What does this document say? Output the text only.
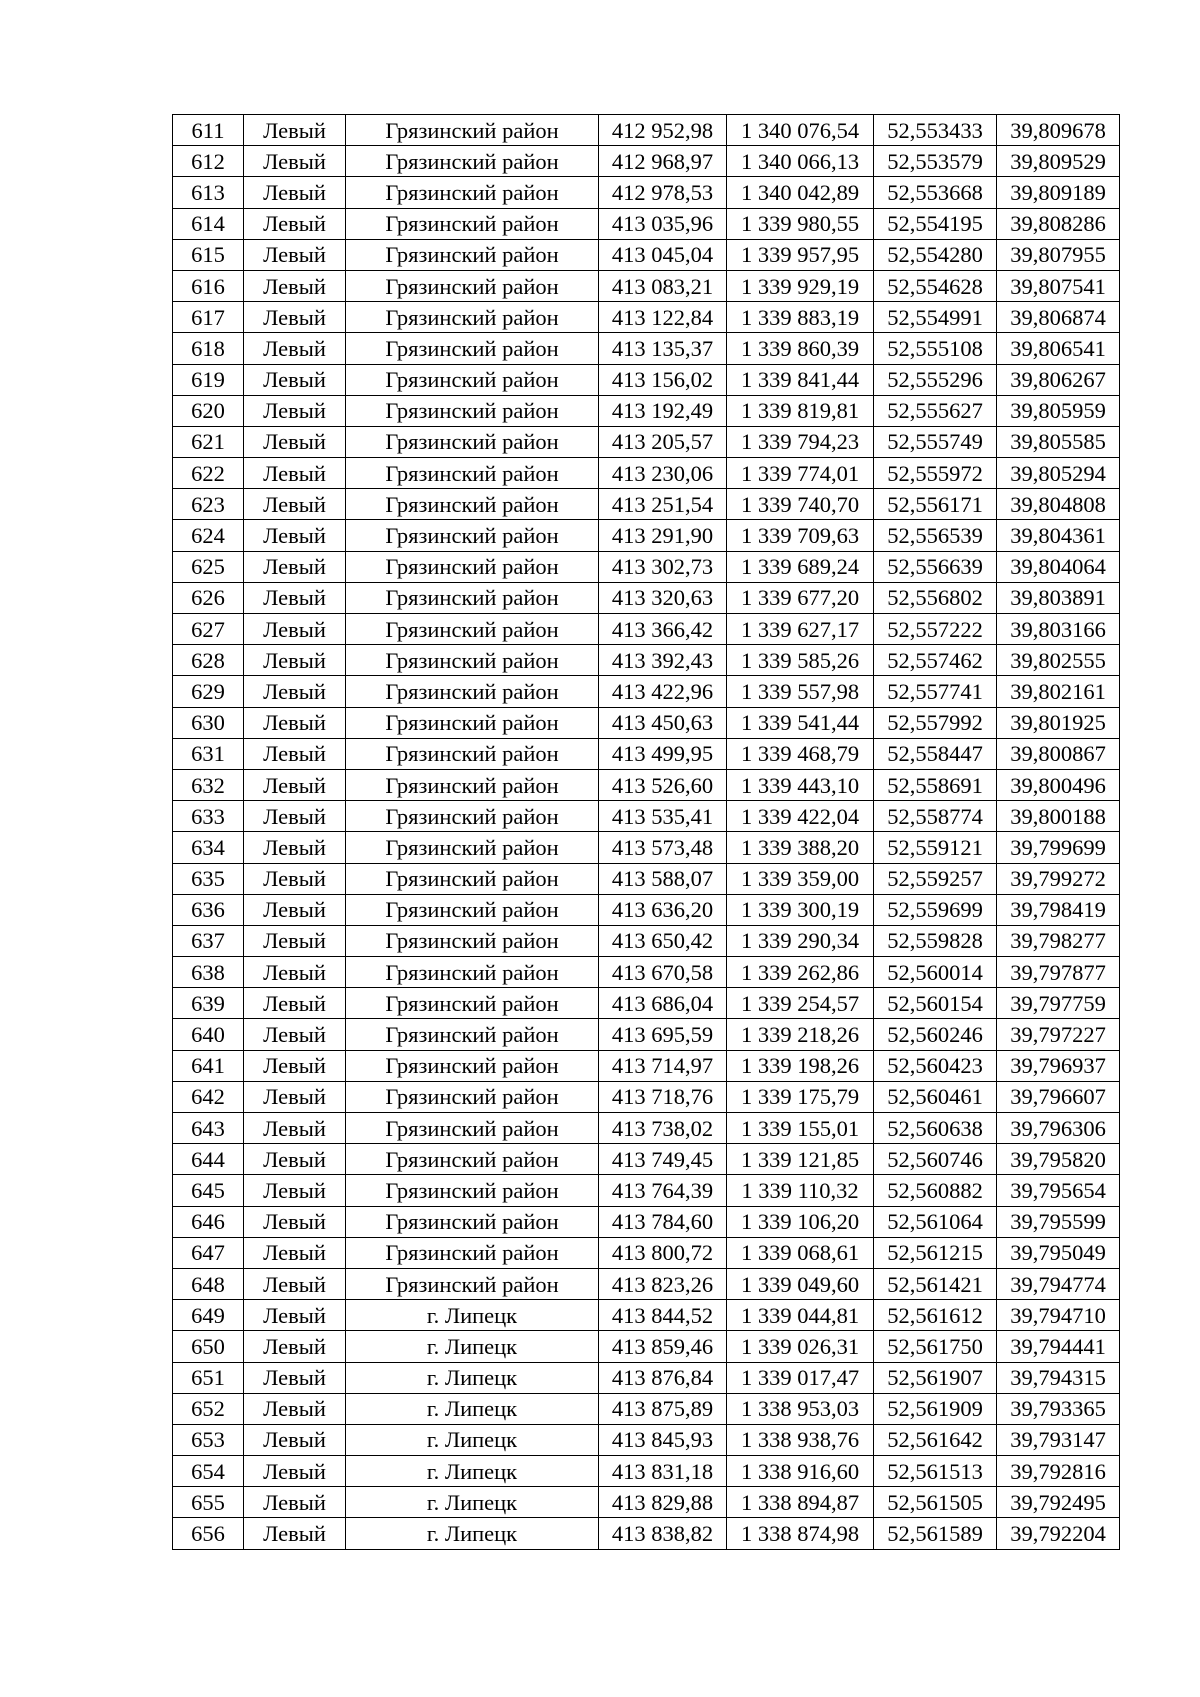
611	Левый	Грязинский район	412 952,98	1 340 076,54	52,553433	39,809678
612	Левый	Грязинский район	412 968,97	1 340 066,13	52,553579	39,809529
613	Левый	Грязинский район	412 978,53	1 340 042,89	52,553668	39,809189
614	Левый	Грязинский район	413 035,96	1 339 980,55	52,554195	39,808286
615	Левый	Грязинский район	413 045,04	1 339 957,95	52,554280	39,807955
616	Левый	Грязинский район	413 083,21	1 339 929,19	52,554628	39,807541
617	Левый	Грязинский район	413 122,84	1 339 883,19	52,554991	39,806874
618	Левый	Грязинский район	413 135,37	1 339 860,39	52,555108	39,806541
619	Левый	Грязинский район	413 156,02	1 339 841,44	52,555296	39,806267
620	Левый	Грязинский район	413 192,49	1 339 819,81	52,555627	39,805959
621	Левый	Грязинский район	413 205,57	1 339 794,23	52,555749	39,805585
622	Левый	Грязинский район	413 230,06	1 339 774,01	52,555972	39,805294
623	Левый	Грязинский район	413 251,54	1 339 740,70	52,556171	39,804808
624	Левый	Грязинский район	413 291,90	1 339 709,63	52,556539	39,804361
625	Левый	Грязинский район	413 302,73	1 339 689,24	52,556639	39,804064
626	Левый	Грязинский район	413 320,63	1 339 677,20	52,556802	39,803891
627	Левый	Грязинский район	413 366,42	1 339 627,17	52,557222	39,803166
628	Левый	Грязинский район	413 392,43	1 339 585,26	52,557462	39,802555
629	Левый	Грязинский район	413 422,96	1 339 557,98	52,557741	39,802161
630	Левый	Грязинский район	413 450,63	1 339 541,44	52,557992	39,801925
631	Левый	Грязинский район	413 499,95	1 339 468,79	52,558447	39,800867
632	Левый	Грязинский район	413 526,60	1 339 443,10	52,558691	39,800496
633	Левый	Грязинский район	413 535,41	1 339 422,04	52,558774	39,800188
634	Левый	Грязинский район	413 573,48	1 339 388,20	52,559121	39,799699
635	Левый	Грязинский район	413 588,07	1 339 359,00	52,559257	39,799272
636	Левый	Грязинский район	413 636,20	1 339 300,19	52,559699	39,798419
637	Левый	Грязинский район	413 650,42	1 339 290,34	52,559828	39,798277
638	Левый	Грязинский район	413 670,58	1 339 262,86	52,560014	39,797877
639	Левый	Грязинский район	413 686,04	1 339 254,57	52,560154	39,797759
640	Левый	Грязинский район	413 695,59	1 339 218,26	52,560246	39,797227
641	Левый	Грязинский район	413 714,97	1 339 198,26	52,560423	39,796937
642	Левый	Грязинский район	413 718,76	1 339 175,79	52,560461	39,796607
643	Левый	Грязинский район	413 738,02	1 339 155,01	52,560638	39,796306
644	Левый	Грязинский район	413 749,45	1 339 121,85	52,560746	39,795820
645	Левый	Грязинский район	413 764,39	1 339 110,32	52,560882	39,795654
646	Левый	Грязинский район	413 784,60	1 339 106,20	52,561064	39,795599
647	Левый	Грязинский район	413 800,72	1 339 068,61	52,561215	39,795049
648	Левый	Грязинский район	413 823,26	1 339 049,60	52,561421	39,794774
649	Левый	г. Липецк	413 844,52	1 339 044,81	52,561612	39,794710
650	Левый	г. Липецк	413 859,46	1 339 026,31	52,561750	39,794441
651	Левый	г. Липецк	413 876,84	1 339 017,47	52,561907	39,794315
652	Левый	г. Липецк	413 875,89	1 338 953,03	52,561909	39,793365
653	Левый	г. Липецк	413 845,93	1 338 938,76	52,561642	39,793147
654	Левый	г. Липецк	413 831,18	1 338 916,60	52,561513	39,792816
655	Левый	г. Липецк	413 829,88	1 338 894,87	52,561505	39,792495
656	Левый	г. Липецк	413 838,82	1 338 874,98	52,561589	39,792204
